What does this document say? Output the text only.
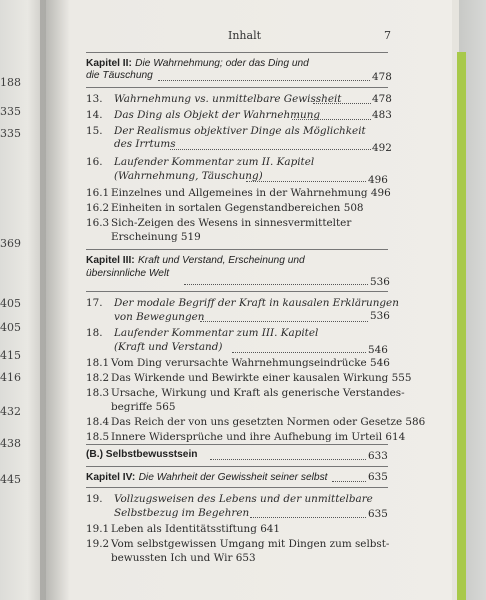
188
335
335
369
405
405
415
416
432
438
445
Inhalt	7
Kapitel II: Die Wahrnehmung; oder das Ding und
die Täuschung	478
13. Wahrnehmung vs. unmittelbare Gewissheit	478
14. Das Ding als Objekt der Wahrnehmung	483
15. Der Realismus objektiver Dinge als Möglichkeit
des Irrtums	492
16. Laufender Kommentar zum II. Kapitel
(Wahrnehmung, Täuschung)	496
16.1 Einzelnes und Allgemeines in der Wahrnehmung 496
16.2 Einheiten in sortalen Gegenstandbereichen 508
16.3 Sich-Zeigen des Wesens in sinnesvermittelter
Erscheinung 519
Kapitel III: Kraft und Verstand, Erscheinung und
übersinnliche Welt
536
17. Der modale Begriff der Kraft in kausalen Erklärungen
von Bewegungen	536
18. Laufender Kommentar zum III. Kapitel
(Kraft und Verstand)	546
18.1 Vom Ding verursachte Wahrnehmungseindrücke 546
18.2 Das Wirkende und Bewirkte einer kausalen Wirkung 555
18.3 Ursache, Wirkung und Kraft als generische Verstandes-
begriffe 565
18.4 Das Reich der von uns gesetzten Normen oder Gesetze 586
18.5 Innere Widersprüche und ihre Aufhebung im Urteil 614
(B.) Selbstbewusstsein	633
Kapitel IV: Die Wahrheit der Gewissheit seiner selbst	635
19. Vollzugsweisen des Lebens und der unmittelbare
Selbstbezug im Begehren	635
19.1 Leben als Identitätsstiftung 641
19.2 Vom selbstgewissen Umgang mit Dingen zum selbst-
bewussten Ich und Wir 653
